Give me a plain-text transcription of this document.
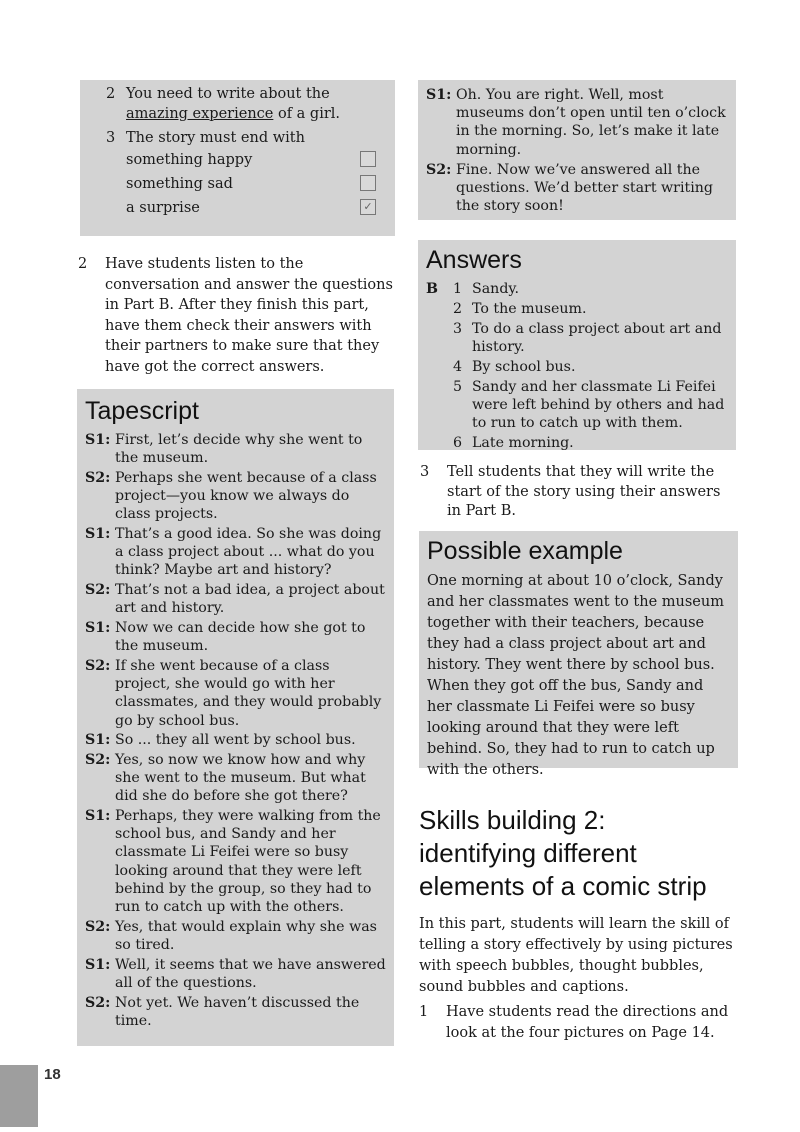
2 You need to write about the amazing experience of a girl.
3 The story must end with
something happy
something sad
a surprise	✓
2 Have students listen to the conversation and answer the questions in Part B. After they finish this part, have them check their answers with their partners to make sure that they have got the correct answers.
Tapescript
S1: First, let’s decide why she went to the museum.
S2: Perhaps she went because of a class project—you know we always do class projects.
S1: That’s a good idea. So she was doing a class project about ... what do you think? Maybe art and history?
S2: That’s not a bad idea, a project about art and history.
S1: Now we can decide how she got to the museum.
S2: If she went because of a class project, she would go with her classmates, and they would probably go by school bus.
S1: So ... they all went by school bus.
S2: Yes, so now we know how and why she went to the museum. But what did she do before she got there?
S1: Perhaps, they were walking from the school bus, and Sandy and her classmate Li Feifei were so busy looking around that they were left behind by the group, so they had to run to catch up with the others.
S2: Yes, that would explain why she was so tired.
S1: Well, it seems that we have answered all of the questions.
S2: Not yet. We haven’t discussed the time.
S1: Oh. You are right. Well, most museums don’t open until ten o’clock in the morning. So, let’s make it late morning.
S2: Fine. Now we’ve answered all the questions. We’d better start writing the story soon!
Answers
B	1 Sandy.
2 To the museum.
3 To do a class project about art and history.
4 By school bus.
5 Sandy and her classmate Li Feifei were left behind by others and had to run to catch up with them.
6 Late morning.
3 Tell students that they will write the start of the story using their answers in Part B.
Possible example
One morning at about 10 o’clock, Sandy and her classmates went to the museum together with their teachers, because they had a class project about art and history. They went there by school bus. When they got off the bus, Sandy and her classmate Li Feifei were so busy looking around that they were left behind. So, they had to run to catch up with the others.
Skills building 2:
identifying different
elements of a comic strip
In this part, students will learn the skill of telling a story effectively by using pictures with speech bubbles, thought bubbles, sound bubbles and captions.
1 Have students read the directions and look at the four pictures on Page 14.
18
